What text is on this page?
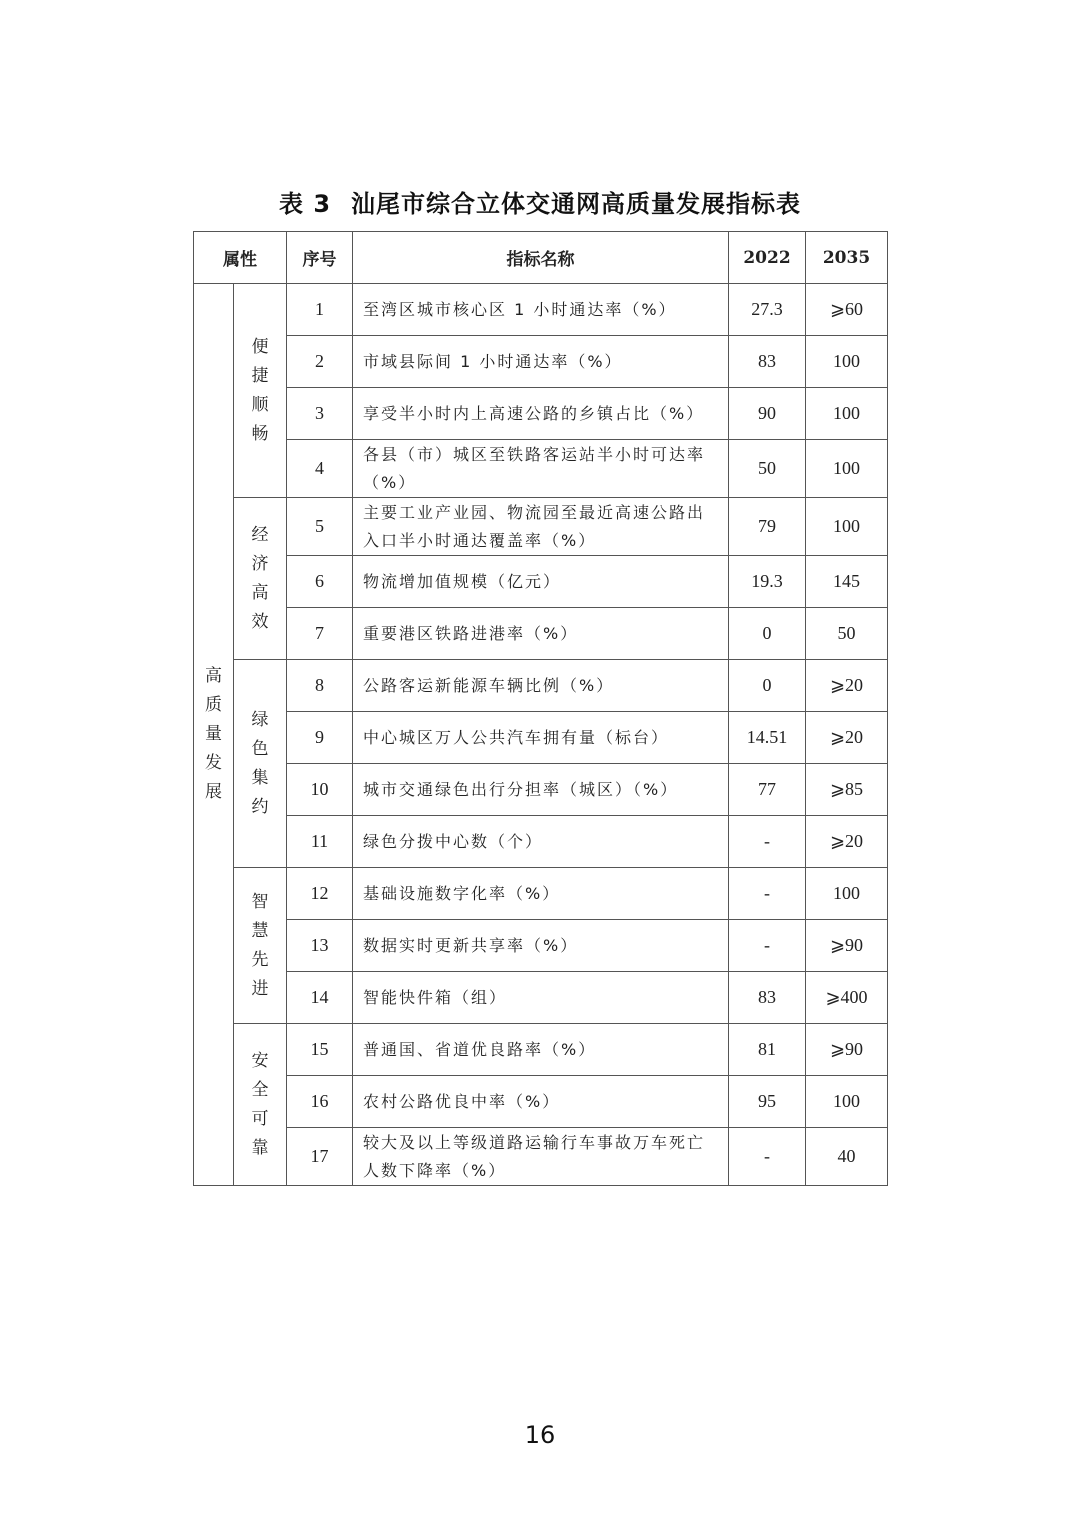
表 3 汕尾市综合立体交通网高质量发展指标表
属性		序号	指标名称	2022	2035

高质量发展	便捷顺畅	1	至湾区城市核心区 1 小时通达率（%）	27.3	⩾60
		2	市域县际间 1 小时通达率（%）	83	100
		3	享受半小时内上高速公路的乡镇占比（%）	90	100
		4	各县（市）城区至铁路客运站半小时可达率（%）	50	100

	经济高效	5	主要工业产业园、物流园至最近高速公路出入口半小时通达覆盖率（%）	79	100
		6	物流增加值规模（亿元）	19.3	145
		7	重要港区铁路进港率（%）	0	50

	绿色集约	8	公路客运新能源车辆比例（%）	0	⩾20
		9	中心城区万人公共汽车拥有量（标台）	14.51	⩾20
		10	城市交通绿色出行分担率（城区）（%）	77	⩾85
		11	绿色分拨中心数（个）	-	⩾20

	智慧先进	12	基础设施数字化率（%）	-	100
		13	数据实时更新共享率（%）	-	⩾90
		14	智能快件箱（组）	83	⩾400

	安全可靠	15	普通国、省道优良路率（%）	81	⩾90
		16	农村公路优良中率（%）	95	100
		17	较大及以上等级道路运输行车事故万车死亡人数下降率（%）	-	40
16
